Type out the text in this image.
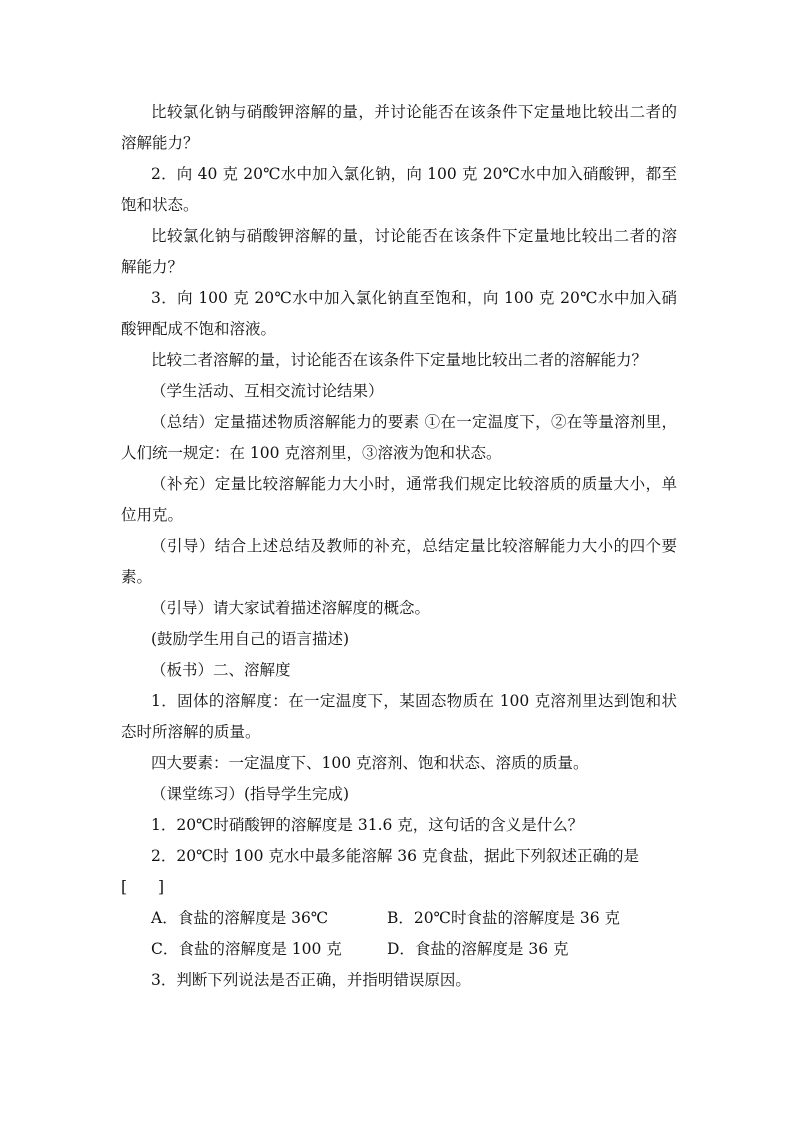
比较氯化钠与硝酸钾溶解的量，并讨论能否在该条件下定量地比较出二者的溶解能力？

2．向 40 克 20℃水中加入氯化钠，向 100 克 20℃水中加入硝酸钾，都至饱和状态。

比较氯化钠与硝酸钾溶解的量，讨论能否在该条件下定量地比较出二者的溶解能力？

3．向 100 克 20℃水中加入氯化钠直至饱和，向 100 克 20℃水中加入硝酸钾配成不饱和溶液。

比较二者溶解的量，讨论能否在该条件下定量地比较出二者的溶解能力？

（学生活动、互相交流讨论结果）

（总结）定量描述物质溶解能力的要素 ①在一定温度下，②在等量溶剂里，人们统一规定：在 100 克溶剂里，③溶液为饱和状态。

（补充）定量比较溶解能力大小时，通常我们规定比较溶质的质量大小，单位用克。

（引导）结合上述总结及教师的补充，总结定量比较溶解能力大小的四个要素。

（引导）请大家试着描述溶解度的概念。

(鼓励学生用自己的语言描述)

（板书）二、溶解度

1．固体的溶解度：在一定温度下，某固态物质在 100 克溶剂里达到饱和状态时所溶解的质量。

四大要素：一定温度下、100 克溶剂、饱和状态、溶质的质量。

（课堂练习）(指导学生完成)

1．20℃时硝酸钾的溶解度是 31.6 克，这句话的含义是什么？

2．20℃时 100 克水中最多能溶解 36 克食盐，据此下列叙述正确的是

[　　]

A．食盐的溶解度是 36℃	B．20℃时食盐的溶解度是 36 克
C．食盐的溶解度是 100 克	D．食盐的溶解度是 36 克

3．判断下列说法是否正确，并指明错误原因。
